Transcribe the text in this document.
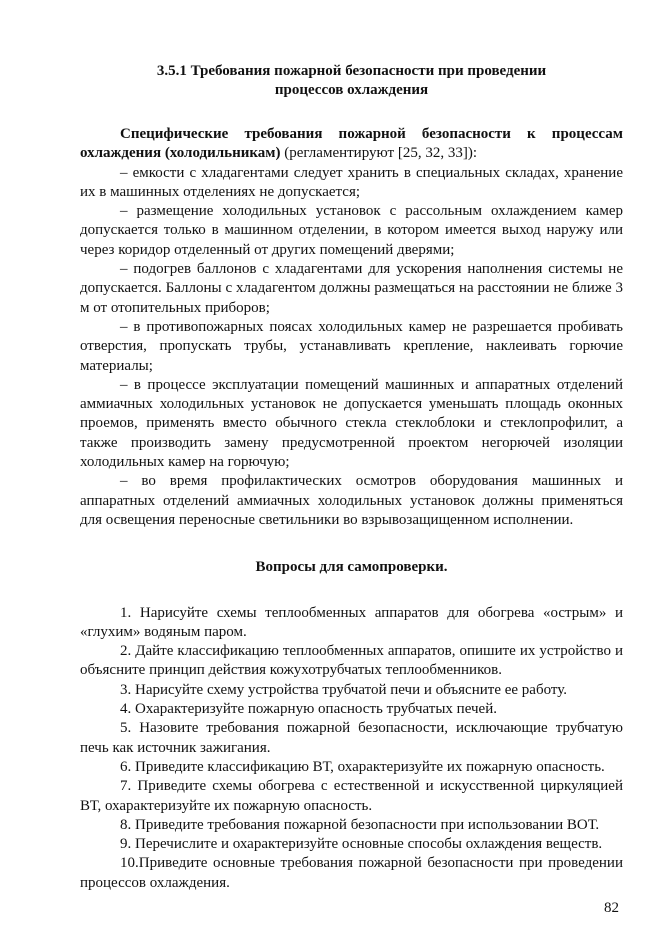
3.5.1 Требования пожарной безопасности при проведении
процессов охлаждения

Специфические требования пожарной безопасности к процессам охлаждения (холодильникам) (регламентируют [25, 32, 33]):

– емкости с хладагентами следует хранить в специальных складах, хранение их в машинных отделениях не допускается;

– размещение холодильных установок с рассольным охлаждением камер допускается только в машинном отделении, в котором имеется выход наружу или через коридор отделенный от других помещений дверями;

– подогрев баллонов с хладагентами для ускорения наполнения системы не допускается. Баллоны с хладагентом должны размещаться на расстоянии не ближе 3 м от отопительных приборов;

– в противопожарных поясах холодильных камер не разрешается пробивать отверстия, пропускать трубы, устанавливать крепление, наклеивать горючие материалы;

– в процессе эксплуатации помещений машинных и аппаратных отделений аммиачных холодильных установок не допускается уменьшать площадь оконных проемов, применять вместо обычного стекла стеклоблоки и стеклопрофилит, а также производить замену предусмотренной проектом негорючей изоляции холодильных камер на горючую;

– во время профилактических осмотров оборудования машинных и аппаратных отделений аммиачных холодильных установок должны применяться для освещения переносные светильники во взрывозащищенном исполнении.

Вопросы для самопроверки.

1. Нарисуйте схемы теплообменных аппаратов для обогрева «острым» и «глухим» водяным паром.

2. Дайте классификацию теплообменных аппаратов, опишите их устройство и объясните принцип действия кожухотрубчатых теплообменников.

3. Нарисуйте схему устройства трубчатой печи и объясните ее работу.

4. Охарактеризуйте пожарную опасность трубчатых печей.

5. Назовите требования пожарной безопасности, исключающие трубчатую печь как источник зажигания.

6. Приведите классификацию ВТ, охарактеризуйте их пожарную опасность.

7. Приведите схемы обогрева с естественной и искусственной циркуляцией ВТ, охарактеризуйте их пожарную опасность.

8. Приведите требования пожарной безопасности при использовании ВОТ.

9. Перечислите и охарактеризуйте основные способы охлаждения веществ.

10.Приведите основные требования пожарной безопасности при проведении процессов охлаждения.

82
